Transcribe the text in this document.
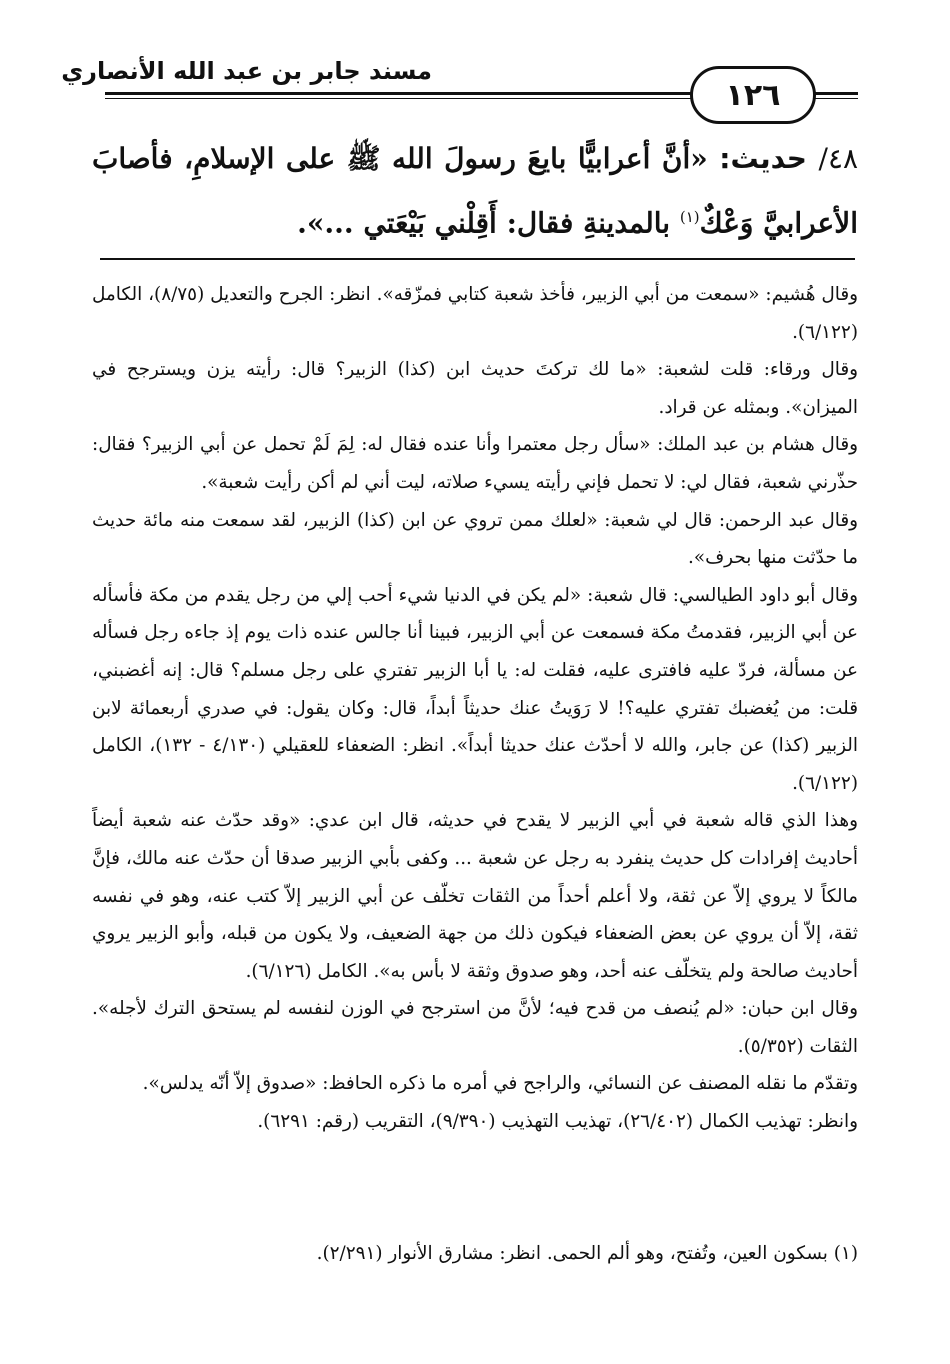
مسند جابر بن عبد الله الأنصاري
١٢٦
٤٨/ حديث: «أنَّ أعرابيًّا بايعَ رسولَ الله ﷺ على الإسلامِ، فأصابَ الأعرابيَّ وَعْكٌ$^{(١)}$ بالمدينةِ فقال: أَقِلْني بَيْعَتي ...».

وقال هُشيم: «سمعت من أبي الزبير، فأخذ شعبة كتابي فمزّقه». انظر: الجرح والتعديل (٨/٧٥)، الكامل (٦/١٢٢).

وقال ورقاء: قلت لشعبة: «ما لك تركتَ حديث ابن (كذا) الزبير؟ قال: رأيته يزن ويسترجح في الميزان». وبمثله عن قراد.

وقال هشام بن عبد الملك: «سأل رجل معتمرا وأنا عنده فقال له: لِمَ لَمْ تحمل عن أبي الزبير؟ فقال: حذّرني شعبة، فقال لي: لا تحمل فإني رأيته يسيء صلاته، ليت أني لم أكن رأيت شعبة».

وقال عبد الرحمن: قال لي شعبة: «لعلك ممن تروي عن ابن (كذا) الزبير، لقد سمعت منه مائة حديث ما حدّثت منها بحرف».

وقال أبو داود الطيالسي: قال شعبة: «لم يكن في الدنيا شيء أحب إلي من رجل يقدم من مكة فأسأله عن أبي الزبير، فقدمتُ مكة فسمعت عن أبي الزبير، فبينا أنا جالس عنده ذات يوم إذ جاءه رجل فسأله عن مسألة، فردّ عليه فافترى عليه، فقلت له: يا أبا الزبير تفتري على رجل مسلم؟ قال: إنه أغضبني، قلت: من يُغضبك تفتري عليه؟! لا رَوَيتُ عنك حديثاً أبداً، قال: وكان يقول: في صدري أربعمائة لابن الزبير (كذا) عن جابر، والله لا أحدّث عنك حديثا أبداً». انظر: الضعفاء للعقيلي (٤/١٣٠ - ١٣٢)، الكامل (٦/١٢٢).

وهذا الذي قاله شعبة في أبي الزبير لا يقدح في حديثه، قال ابن عدي: «وقد حدّث عنه شعبة أيضاً أحاديث إفرادات كل حديث ينفرد به رجل عن شعبة ... وكفى بأبي الزبير صدقا أن حدّث عنه مالك، فإنَّ مالكاً لا يروي إلاّ عن ثقة، ولا أعلم أحداً من الثقات تخلّف عن أبي الزبير إلاّ كتب عنه، وهو في نفسه ثقة، إلاّ أن يروي عن بعض الضعفاء فيكون ذلك من جهة الضعيف، ولا يكون من قبله، وأبو الزبير يروي أحاديث صالحة ولم يتخلّف عنه أحد، وهو صدوق وثقة لا بأس به». الكامل (٦/١٢٦).

وقال ابن حبان: «لم يُنصف من قدح فيه؛ لأنَّ من استرجح في الوزن لنفسه لم يستحق الترك لأجله». الثقات (٥/٣٥٢).

وتقدّم ما نقله المصنف عن النسائي، والراجح في أمره ما ذكره الحافظ: «صدوق إلاّ أنّه يدلس».

وانظر: تهذيب الكمال (٢٦/٤٠٢)، تهذيب التهذيب (٩/٣٩٠)، التقريب (رقم: ٦٢٩١).

(١) بسكون العين، وتُفتح، وهو ألم الحمى. انظر: مشارق الأنوار (٢/٢٩١).
